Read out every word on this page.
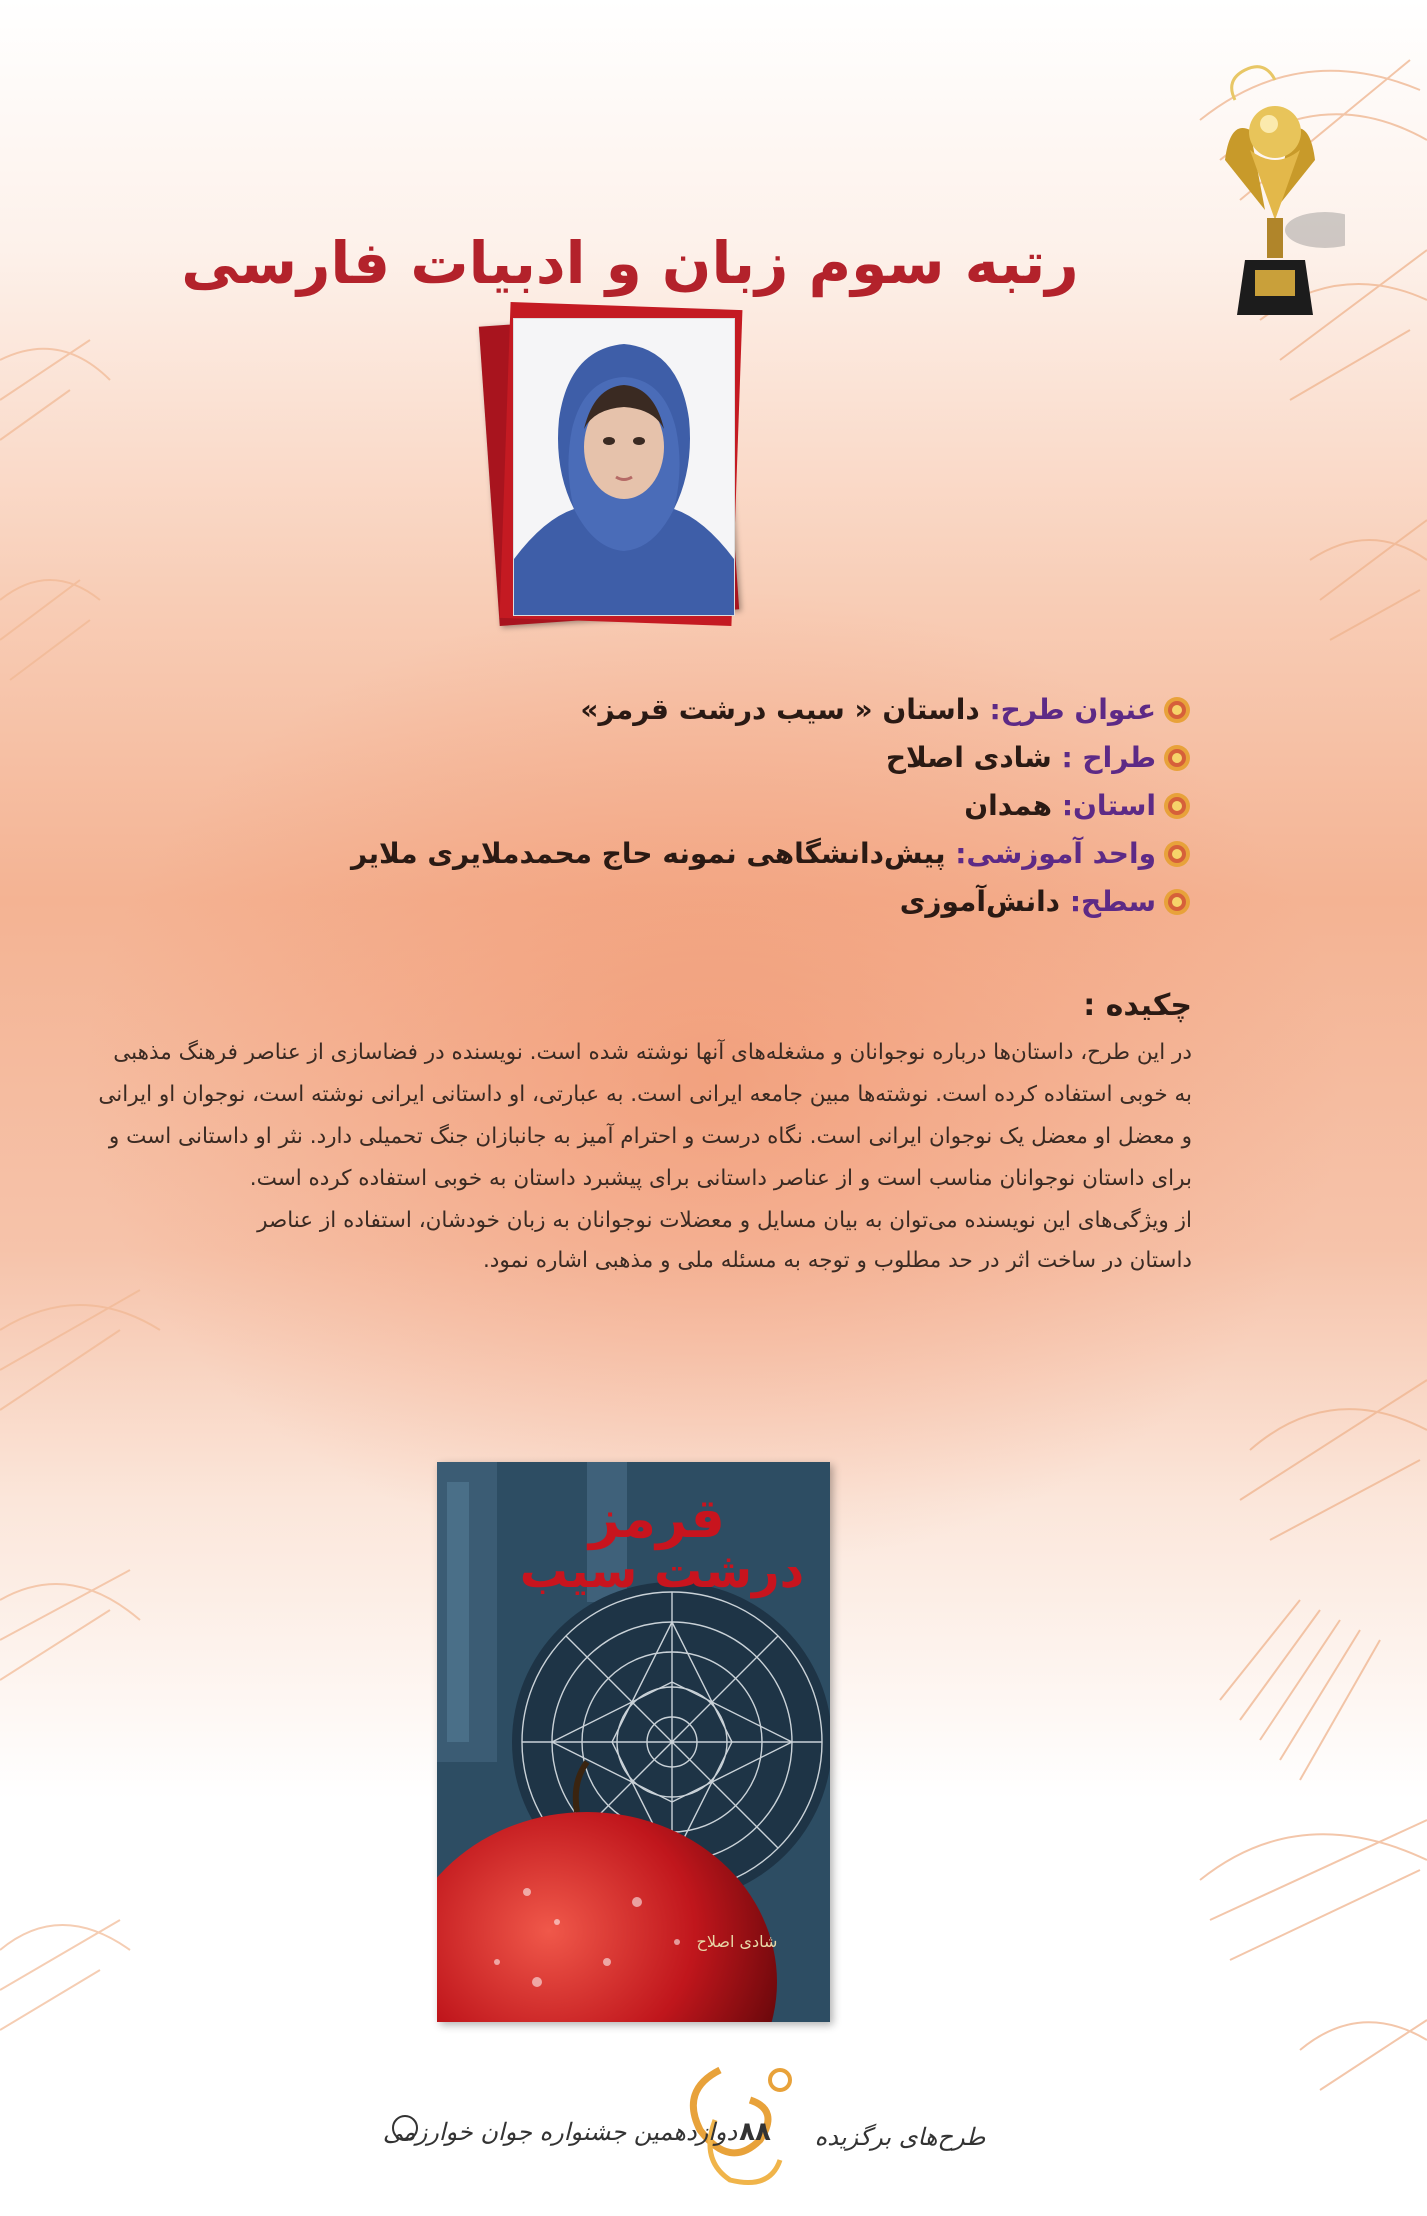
رتبه سوم زبان و ادبیات فارسی
عنوان طرح:

داستان « سیب درشت قرمز»
طراح :

شادی اصلاح
استان:

همدان
واحد آموزشی:

پیش‌دانشگاهی نمونه حاج محمدملایری ملایر
سطح:

دانش‌آموزی
چکیده :
در این طرح، داستان‌ها درباره نوجوانان و مشغله‌های آنها نوشته شده است. نویسنده در فضاسازی از عناصر فرهنگ مذهبی
به خوبی استفاده کرده است. نوشته‌ها مبین جامعه ایرانی است. به عبارتی، او داستانی ایرانی نوشته است، نوجوان او ایرانی
و معضل او معضل یک نوجوان ایرانی است. نگاه درست و احترام آمیز به جانبازان جنگ تحمیلی دارد. نثر او داستانی است و
برای داستان نوجوانان مناسب است و از عناصر داستانی برای پیشبرد داستان به خوبی استفاده کرده است.
از ویژگی‌های این نویسنده می‌توان به بیان مسایل و معضلات نوجوانان به زبان خودشان، استفاده از عناصر
داستان در ساخت اثر در حد مطلوب و توجه به مسئله ملی و مذهبی اشاره نمود.
قرمز
درشت سیب
شادی اصلاح
طرح‌های برگزیده
۸۸
دوازدهمین جشنواره جوان خوارزمی
